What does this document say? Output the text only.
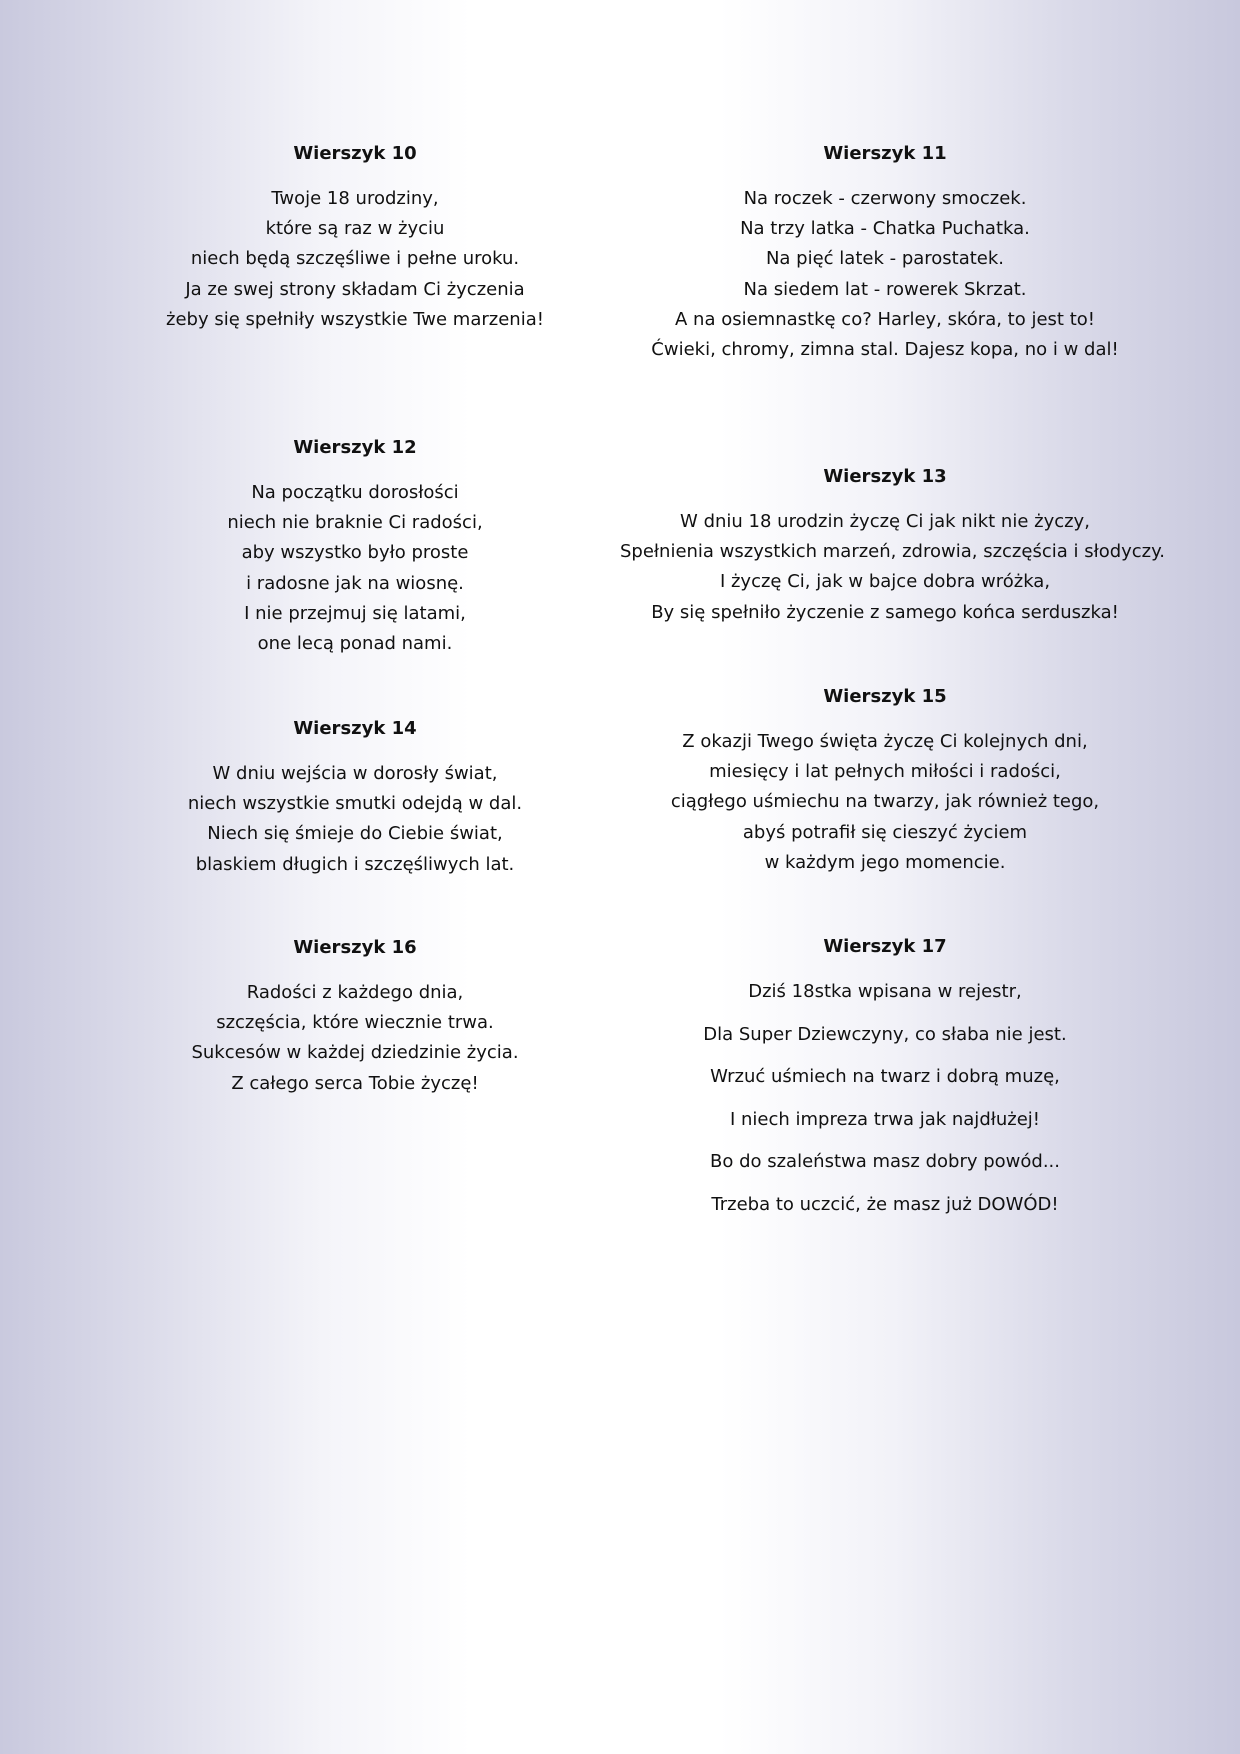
Wierszyk 10
Twoje 18 urodziny,
które są raz w życiu
niech będą szczęśliwe i pełne uroku.
Ja ze swej strony składam Ci życzenia
żeby się spełniły wszystkie Twe marzenia!
Wierszyk 11
Na roczek - czerwony smoczek.
Na trzy latka - Chatka Puchatka.
Na pięć latek - parostatek.
Na siedem lat - rowerek Skrzat.
A na osiemnastkę co? Harley, skóra, to jest to!
Ćwieki, chromy, zimna stal. Dajesz kopa, no i w dal!
Wierszyk 12
Na początku dorosłości
niech nie braknie Ci radości,
aby wszystko było proste
i radosne jak na wiosnę.
I nie przejmuj się latami,
one lecą ponad nami.
Wierszyk 13
W dniu 18 urodzin życzę Ci jak nikt nie życzy,
Spełnienia wszystkich marzeń, zdrowia, szczęścia i słodyczy.
I życzę Ci, jak w bajce dobra wróżka,
By się spełniło życzenie z samego końca serduszka!
Wierszyk 14
W dniu wejścia w dorosły świat,
niech wszystkie smutki odejdą w dal.
Niech się śmieje do Ciebie świat,
blaskiem długich i szczęśliwych lat.
Wierszyk 15
Z okazji Twego święta życzę Ci kolejnych dni,
miesięcy i lat pełnych miłości i radości,
ciągłego uśmiechu na twarzy, jak również tego,
abyś potrafił się cieszyć życiem
w każdym jego momencie.
Wierszyk 16
Radości z każdego dnia,
szczęścia, które wiecznie trwa.
Sukcesów w każdej dziedzinie życia.
Z całego serca Tobie życzę!
Wierszyk 17
Dziś 18stka wpisana w rejestr,
Dla Super Dziewczyny, co słaba nie jest.
Wrzuć uśmiech na twarz i dobrą muzę,
I niech impreza trwa jak najdłużej!
Bo do szaleństwa masz dobry powód...
Trzeba to uczcić, że masz już DOWÓD!
